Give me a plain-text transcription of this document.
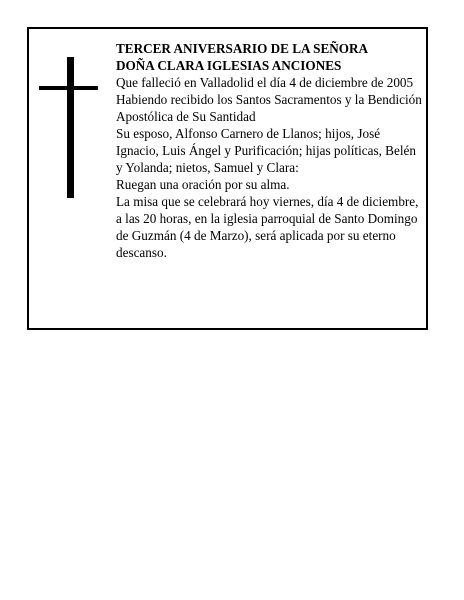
TERCER ANIVERSARIO DE LA SEÑORA

DOÑA CLARA IGLESIAS ANCIONES

Que falleció en Valladolid el día 4 de diciembre de 2005

Habiendo recibido los Santos Sacramentos y la Bendición Apostólica de Su Santidad

Su esposo, Alfonso Carnero de Llanos; hijos, José Ignacio, Luis Ángel y Purificación; hijas políticas, Belén y Yolanda; nietos, Samuel y Clara:

Ruegan una oración por su alma.

La misa que se celebrará hoy viernes, día 4 de diciembre, a las 20 horas, en la iglesia parroquial de Santo Domingo de Guzmán (4 de Marzo), será aplicada por su eterno descanso.
